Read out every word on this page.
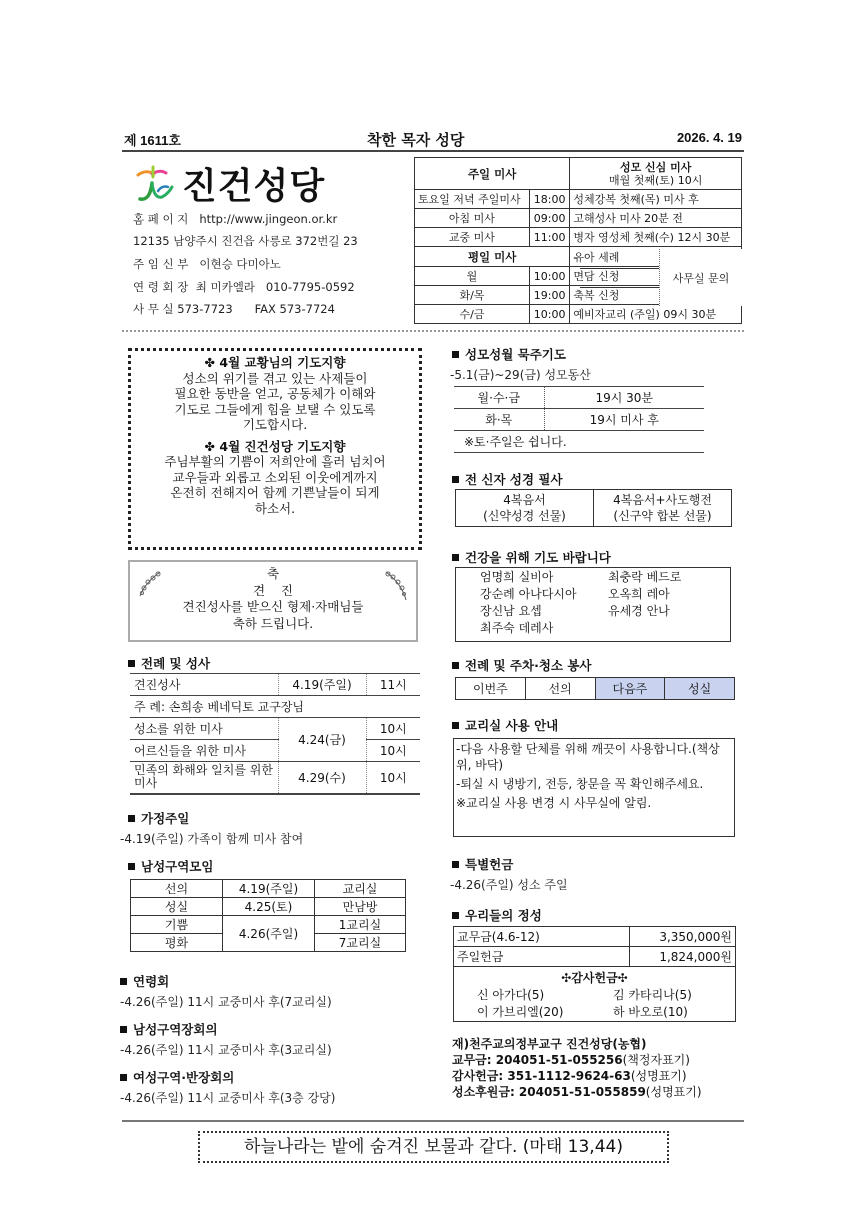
제 1611호	착한 목자 성당	2026. 4. 19
진건성당
홈 페 이 지   http://www.jingeon.or.kr
12135 남양주시 진건읍 사릉로 372번길 23
주 임 신 부   이현승 다미아노
연 령 회 장  최 미카엘라   010-7795-0592
사 무 실 573-7723      FAX 573-7724
주일 미사		성모 신심 미사
매월 첫째(토) 10시

토요일 저녁 주일미사	18:00	성체강복 첫째(목) 미사 후
아침 미사	09:00	고해성사 미사 20분 전
교중 미사	11:00	병자 영성체 첫째(수) 12시 30분
평일 미사		유아 세례

월	10:00	면담 신청
화/목	19:00	축복 신청
수/금	10:00	예비자교리 (주일) 09시 30분
사무실 문의
✤ 4월 교황님의 기도지향
성소의 위기를 겪고 있는 사제들이
필요한 동반을 얻고, 공동체가 이해와
기도로 그들에게 힘을 보탤 수 있도록
기도합시다.
✤ 4월 진건성당 기도지향
주님부활의 기쁨이 저희안에 흘러 넘치어
교우들과 외롭고 소외된 이웃에게까지
온전히 전해지어 함께 기쁜날들이 되게
하소서.
축
견    진
견진성사를 받으신 형제·자매님들
축하 드립니다.
전례 및 성사
견진성사	4.19(주일)	11시
주 례: 손희송 베네딕토 교구장님		
성소를 위한 미사	4.24(금)	10시
어르신들을 위한 미사		10시
민족의 화해와 일치를 위한 미사	4.29(수)	10시
가정주일
-4.19(주일) 가족이 함께 미사 참여
남성구역모임
선의	4.19(주일)	교리실
성실	4.25(토)	만남방
기쁨	4.26(주일)	1교리실
평화		7교리실
연령회
-4.26(주일) 11시 교중미사 후(7교리실)
남성구역장회의
-4.26(주일) 11시 교중미사 후(3교리실)
여성구역·반장회의
-4.26(주일) 11시 교중미사 후(3층 강당)
성모성월 묵주기도
-5.1(금)~29(금) 성모동산
월·수·금	19시 30분
화·목	19시 미사 후
※토·주일은 쉽니다.	
전 신자 성경 필사
4복음서
(신약성경 선물)

4복음서+사도행전
(신구약 합본 선물)
건강을 위해 기도 바랍니다
엄명희 실비아	최충락 베드로
강순례 아나다시아	오옥희 레아
장신남 요셉	유세경 안나
최주숙 데레사
전례 및 주차·청소 봉사
이번주	선의	다음주	성실
교리실 사용 안내

-다음 사용할 단체를 위해 깨끗이 사용합니다.(책상 위, 바닥)

-퇴실 시 냉방기, 전등, 창문을 꼭 확인해주세요.

※교리실 사용 변경 시 사무실에 알림.

특별헌금
-4.26(주일) 성소 주일
우리들의 정성
교무금(4.6-12)	3,350,000원
주일헌금	1,824,000원

✣감사헌금✣
신 아가다(5) 김 카타리나(5)
이 가브리엘(20) 하 바오로(10)	
재)천주교의정부교구 진건성당(농협)
교무금: 204051-51-055256(책정자표기)
감사헌금: 351-1112-9624-63(성명표기)
성소후원금: 204051-51-055859(성명표기)
하늘나라는 밭에 숨겨진 보물과 같다. (마태 13,44)
